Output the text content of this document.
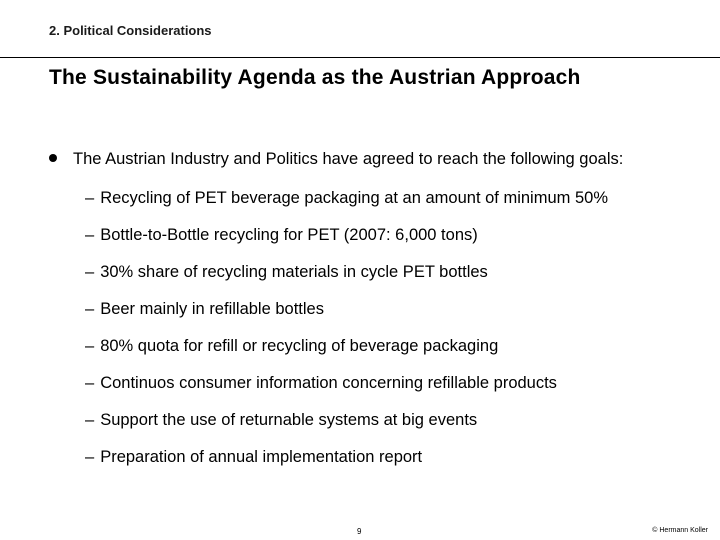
2. Political Considerations
The Sustainability Agenda as the Austrian Approach
The Austrian Industry and Politics have agreed to reach the following goals:
– Recycling of PET beverage packaging at an amount of minimum 50%
– Bottle-to-Bottle recycling for PET (2007: 6,000 tons)
– 30% share of recycling materials in cycle PET bottles
– Beer mainly in refillable bottles
– 80% quota for refill or recycling of beverage packaging
– Continuos consumer information concerning refillable products
– Support the use of returnable systems at big events
– Preparation of annual implementation report
9	© Hermann Koller
